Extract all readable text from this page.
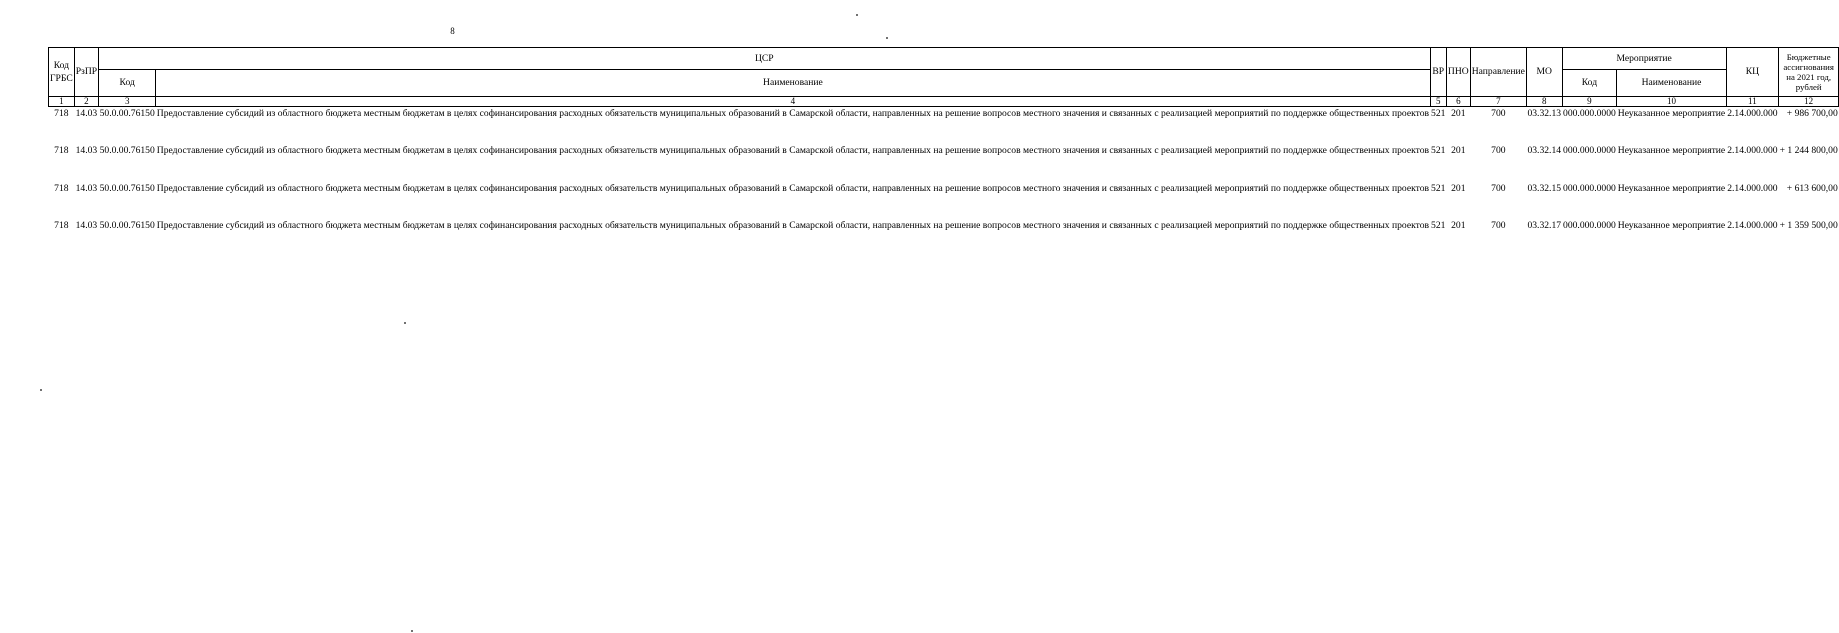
8
Код ГРБС	РзПР	ЦСР		ВР	ПНО	Направление	МО	Мероприятие		КЦ	Бюджетные ассигнования на 2021 год, рублей
		Код	Наименование					Код	Наименование		
1	2	3	4	5	6	7	8	9	10	11	12
718	14.03	50.0.00.76150	Предоставление субсидий из областного бюджета местным бюджетам в целях софинансирования расходных обязательств муниципальных образований в Самарской области, направленных на решение вопросов местного значения и связанных с реализацией мероприятий по поддержке общественных проектов	521	201	700	03.32.13	000.000.0000	Неуказанное мероприятие	2.14.000.000	+ 986 700,00
718	14.03	50.0.00.76150	Предоставление субсидий из областного бюджета местным бюджетам в целях софинансирования расходных обязательств муниципальных образований в Самарской области, направленных на решение вопросов местного значения и связанных с реализацией мероприятий по поддержке общественных проектов	521	201	700	03.32.14	000.000.0000	Неуказанное мероприятие	2.14.000.000	+ 1 244 800,00
718	14.03	50.0.00.76150	Предоставление субсидий из областного бюджета местным бюджетам в целях софинансирования расходных обязательств муниципальных образований в Самарской области, направленных на решение вопросов местного значения и связанных с реализацией мероприятий по поддержке общественных проектов	521	201	700	03.32.15	000.000.0000	Неуказанное мероприятие	2.14.000.000	+ 613 600,00
718	14.03	50.0.00.76150	Предоставление субсидий из областного бюджета местным бюджетам в целях софинансирования расходных обязательств муниципальных образований в Самарской области, направленных на решение вопросов местного значения и связанных с реализацией мероприятий по поддержке общественных проектов	521	201	700	03.32.17	000.000.0000	Неуказанное мероприятие	2.14.000.000	+ 1 359 500,00
